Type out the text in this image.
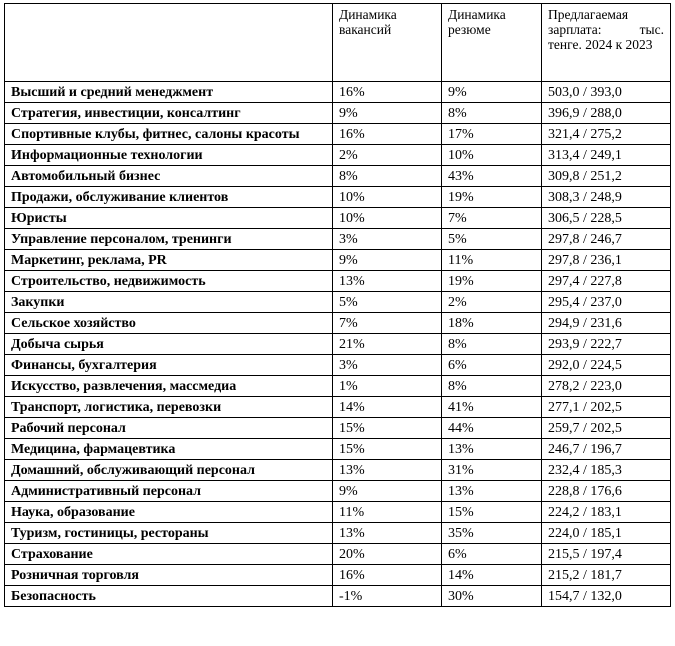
	Динамика вакансий	Динамика резюме	Предлагаемая зарплата: тыс. тенге. 2024 к 2023
Высший и средний менеджмент	16%	9%	503,0 / 393,0
Стратегия, инвестиции, консалтинг	9%	8%	396,9 / 288,0
Спортивные клубы, фитнес, салоны красоты	16%	17%	321,4 / 275,2
Информационные технологии	2%	10%	313,4 / 249,1
Автомобильный бизнес	8%	43%	309,8 / 251,2
Продажи, обслуживание клиентов	10%	19%	308,3 / 248,9
Юристы	10%	7%	306,5 / 228,5
Управление персоналом, тренинги	3%	5%	297,8 / 246,7
Маркетинг, реклама, PR	9%	11%	297,8 / 236,1
Строительство, недвижимость	13%	19%	297,4 / 227,8
Закупки	5%	2%	295,4 / 237,0
Сельское хозяйство	7%	18%	294,9 / 231,6
Добыча сырья	21%	8%	293,9 / 222,7
Финансы, бухгалтерия	3%	6%	292,0 / 224,5
Искусство, развлечения, массмедиа	1%	8%	278,2 / 223,0
Транспорт, логистика, перевозки	14%	41%	277,1 / 202,5
Рабочий персонал	15%	44%	259,7 / 202,5
Медицина, фармацевтика	15%	13%	246,7 / 196,7
Домашний, обслуживающий персонал	13%	31%	232,4 / 185,3
Административный персонал	9%	13%	228,8 / 176,6
Наука, образование	11%	15%	224,2 / 183,1
Туризм, гостиницы, рестораны	13%	35%	224,0 / 185,1
Страхование	20%	6%	215,5 / 197,4
Розничная торговля	16%	14%	215,2 / 181,7
Безопасность	-1%	30%	154,7 / 132,0
